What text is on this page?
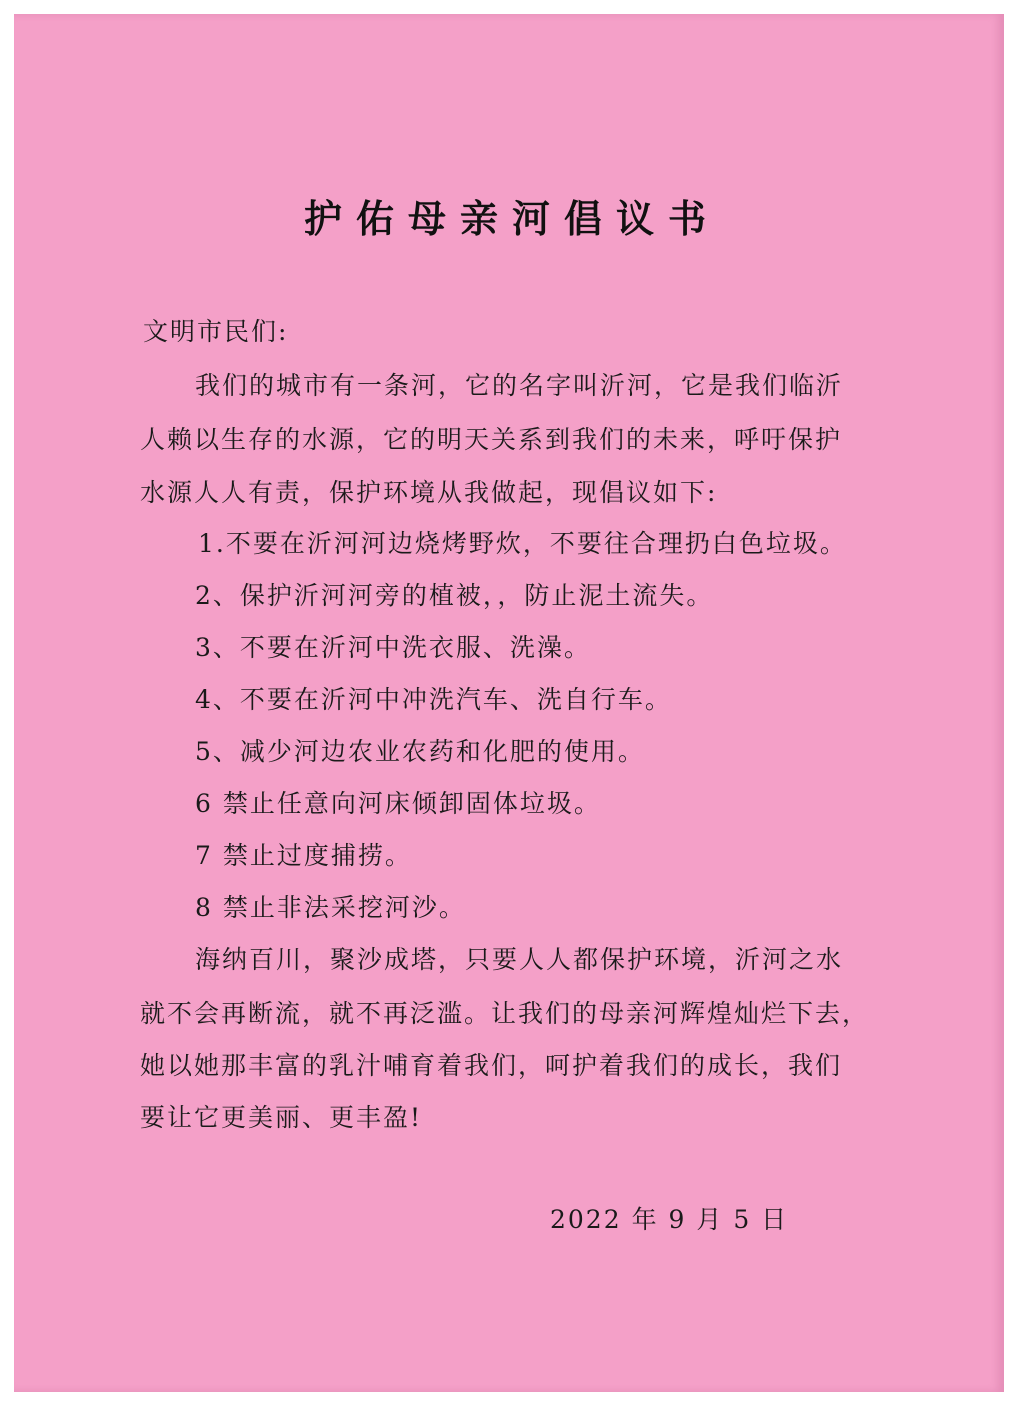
护佑母亲河倡议书
文明市民们:
我们的城市有一条河，它的名字叫沂河，它是我们临沂
人赖以生存的水源，它的明天关系到我们的未来，呼吁保护
水源人人有责，保护环境从我做起，现倡议如下:
1.不要在沂河河边烧烤野炊，不要往合理扔白色垃圾。
2、保护沂河河旁的植被，，防止泥土流失。
3、不要在沂河中洗衣服、洗澡。
4、不要在沂河中冲洗汽车、洗自行车。
5、减少河边农业农药和化肥的使用。
6 禁止任意向河床倾卸固体垃圾。
7 禁止过度捕捞。
8 禁止非法采挖河沙。
海纳百川，聚沙成塔，只要人人都保护环境，沂河之水
就不会再断流，就不再泛滥。让我们的母亲河辉煌灿烂下去，
她以她那丰富的乳汁哺育着我们，呵护着我们的成长，我们
要让它更美丽、更丰盈!
2022 年 9 月 5 日
